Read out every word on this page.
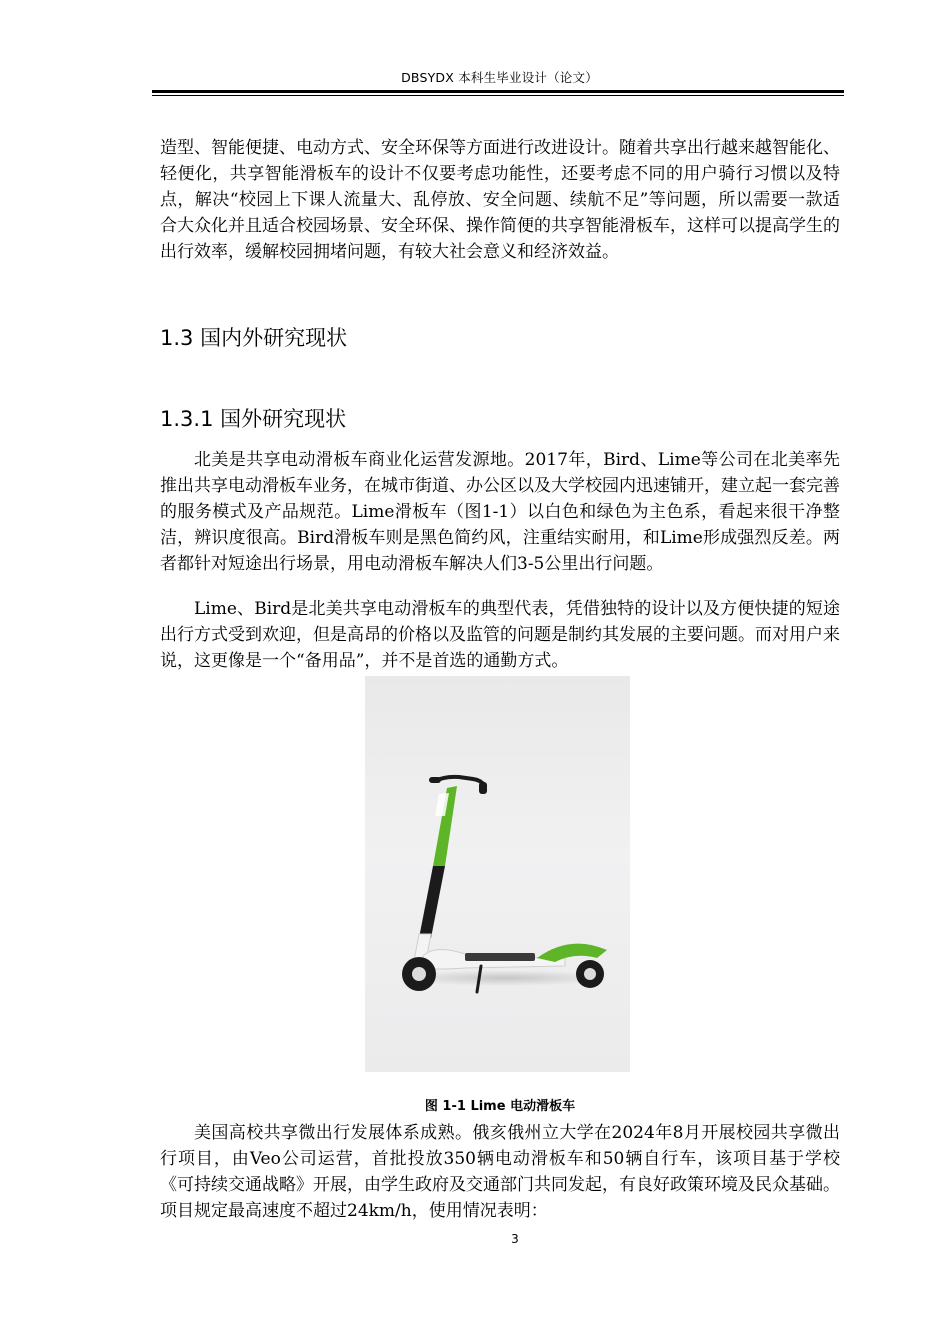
DBSYDX 本科生毕业设计（论文）

造型、智能便捷、电动方式、安全环保等方面进行改进设计。随着共享出行越来越智能化、轻便化，共享智能滑板车的设计不仅要考虑功能性，还要考虑不同的用户骑行习惯以及特点，解决“校园上下课人流量大、乱停放、安全问题、续航不足”等问题，所以需要一款适合大众化并且适合校园场景、安全环保、操作简便的共享智能滑板车，这样可以提高学生的出行效率，缓解校园拥堵问题，有较大社会意义和经济效益。

1.3 国内外研究现状
1.3.1 国外研究现状

北美是共享电动滑板车商业化运营发源地。2017年，Bird、Lime等公司在北美率先推出共享电动滑板车业务，在城市街道、办公区以及大学校园内迅速铺开，建立起一套完善的服务模式及产品规范。Lime滑板车（图1-1）以白色和绿色为主色系，看起来很干净整洁，辨识度很高。Bird滑板车则是黑色简约风，注重结实耐用，和Lime形成强烈反差。两者都针对短途出行场景，用电动滑板车解决人们3-5公里出行问题。

Lime、Bird是北美共享电动滑板车的典型代表，凭借独特的设计以及方便快捷的短途出行方式受到欢迎，但是高昂的价格以及监管的问题是制约其发展的主要问题。而对用户来说，这更像是一个“备用品”，并不是首选的通勤方式。

图 1-1 Lime 电动滑板车

美国高校共享微出行发展体系成熟。俄亥俄州立大学在2024年8月开展校园共享微出行项目，由Veo公司运营，首批投放350辆电动滑板车和50辆自行车，该项目基于学校《可持续交通战略》开展，由学生政府及交通部门共同发起，有良好政策环境及民众基础。项目规定最高速度不超过24km/h，使用情况表明：

3
